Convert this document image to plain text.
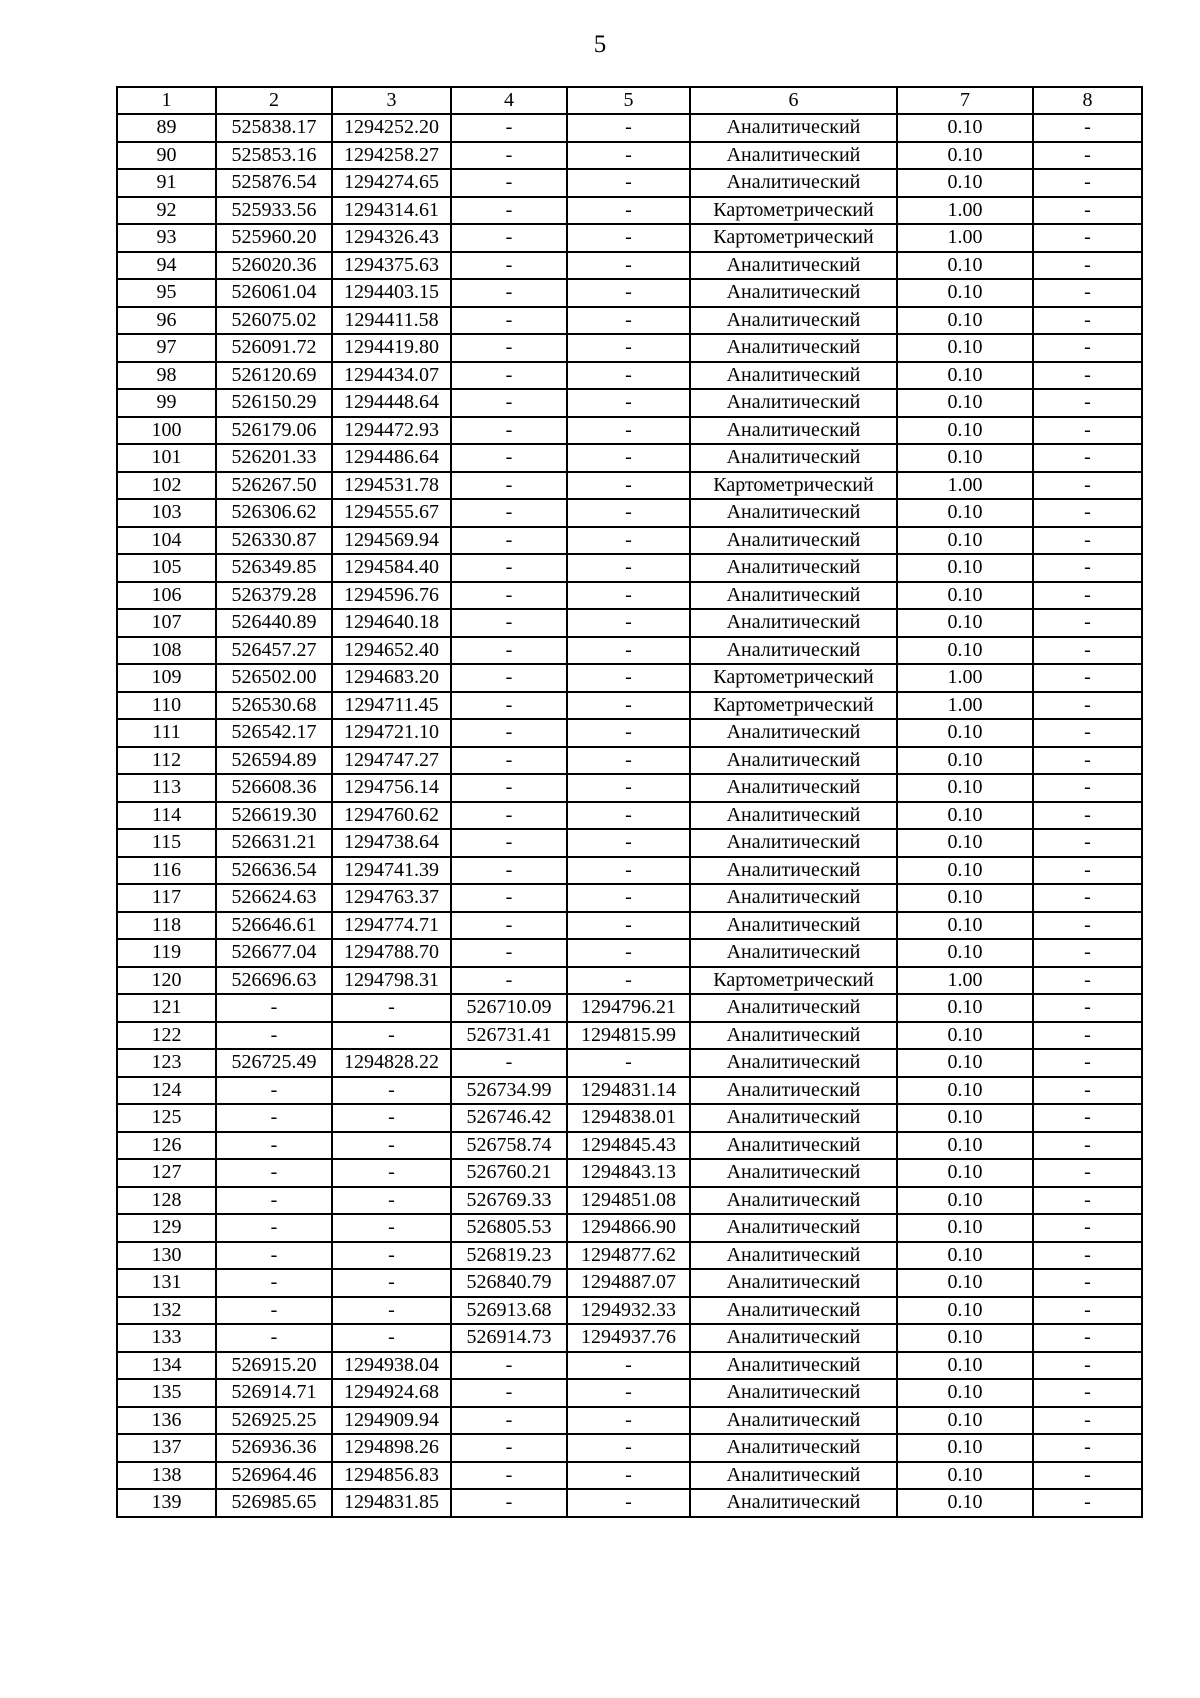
5
1	2	3	4	5	6	7	8
89	525838.17	1294252.20	-	-	Аналитический	0.10	-
90	525853.16	1294258.27	-	-	Аналитический	0.10	-
91	525876.54	1294274.65	-	-	Аналитический	0.10	-
92	525933.56	1294314.61	-	-	Картометрический	1.00	-
93	525960.20	1294326.43	-	-	Картометрический	1.00	-
94	526020.36	1294375.63	-	-	Аналитический	0.10	-
95	526061.04	1294403.15	-	-	Аналитический	0.10	-
96	526075.02	1294411.58	-	-	Аналитический	0.10	-
97	526091.72	1294419.80	-	-	Аналитический	0.10	-
98	526120.69	1294434.07	-	-	Аналитический	0.10	-
99	526150.29	1294448.64	-	-	Аналитический	0.10	-
100	526179.06	1294472.93	-	-	Аналитический	0.10	-
101	526201.33	1294486.64	-	-	Аналитический	0.10	-
102	526267.50	1294531.78	-	-	Картометрический	1.00	-
103	526306.62	1294555.67	-	-	Аналитический	0.10	-
104	526330.87	1294569.94	-	-	Аналитический	0.10	-
105	526349.85	1294584.40	-	-	Аналитический	0.10	-
106	526379.28	1294596.76	-	-	Аналитический	0.10	-
107	526440.89	1294640.18	-	-	Аналитический	0.10	-
108	526457.27	1294652.40	-	-	Аналитический	0.10	-
109	526502.00	1294683.20	-	-	Картометрический	1.00	-
110	526530.68	1294711.45	-	-	Картометрический	1.00	-
111	526542.17	1294721.10	-	-	Аналитический	0.10	-
112	526594.89	1294747.27	-	-	Аналитический	0.10	-
113	526608.36	1294756.14	-	-	Аналитический	0.10	-
114	526619.30	1294760.62	-	-	Аналитический	0.10	-
115	526631.21	1294738.64	-	-	Аналитический	0.10	-
116	526636.54	1294741.39	-	-	Аналитический	0.10	-
117	526624.63	1294763.37	-	-	Аналитический	0.10	-
118	526646.61	1294774.71	-	-	Аналитический	0.10	-
119	526677.04	1294788.70	-	-	Аналитический	0.10	-
120	526696.63	1294798.31	-	-	Картометрический	1.00	-
121	-	-	526710.09	1294796.21	Аналитический	0.10	-
122	-	-	526731.41	1294815.99	Аналитический	0.10	-
123	526725.49	1294828.22	-	-	Аналитический	0.10	-
124	-	-	526734.99	1294831.14	Аналитический	0.10	-
125	-	-	526746.42	1294838.01	Аналитический	0.10	-
126	-	-	526758.74	1294845.43	Аналитический	0.10	-
127	-	-	526760.21	1294843.13	Аналитический	0.10	-
128	-	-	526769.33	1294851.08	Аналитический	0.10	-
129	-	-	526805.53	1294866.90	Аналитический	0.10	-
130	-	-	526819.23	1294877.62	Аналитический	0.10	-
131	-	-	526840.79	1294887.07	Аналитический	0.10	-
132	-	-	526913.68	1294932.33	Аналитический	0.10	-
133	-	-	526914.73	1294937.76	Аналитический	0.10	-
134	526915.20	1294938.04	-	-	Аналитический	0.10	-
135	526914.71	1294924.68	-	-	Аналитический	0.10	-
136	526925.25	1294909.94	-	-	Аналитический	0.10	-
137	526936.36	1294898.26	-	-	Аналитический	0.10	-
138	526964.46	1294856.83	-	-	Аналитический	0.10	-
139	526985.65	1294831.85	-	-	Аналитический	0.10	-
